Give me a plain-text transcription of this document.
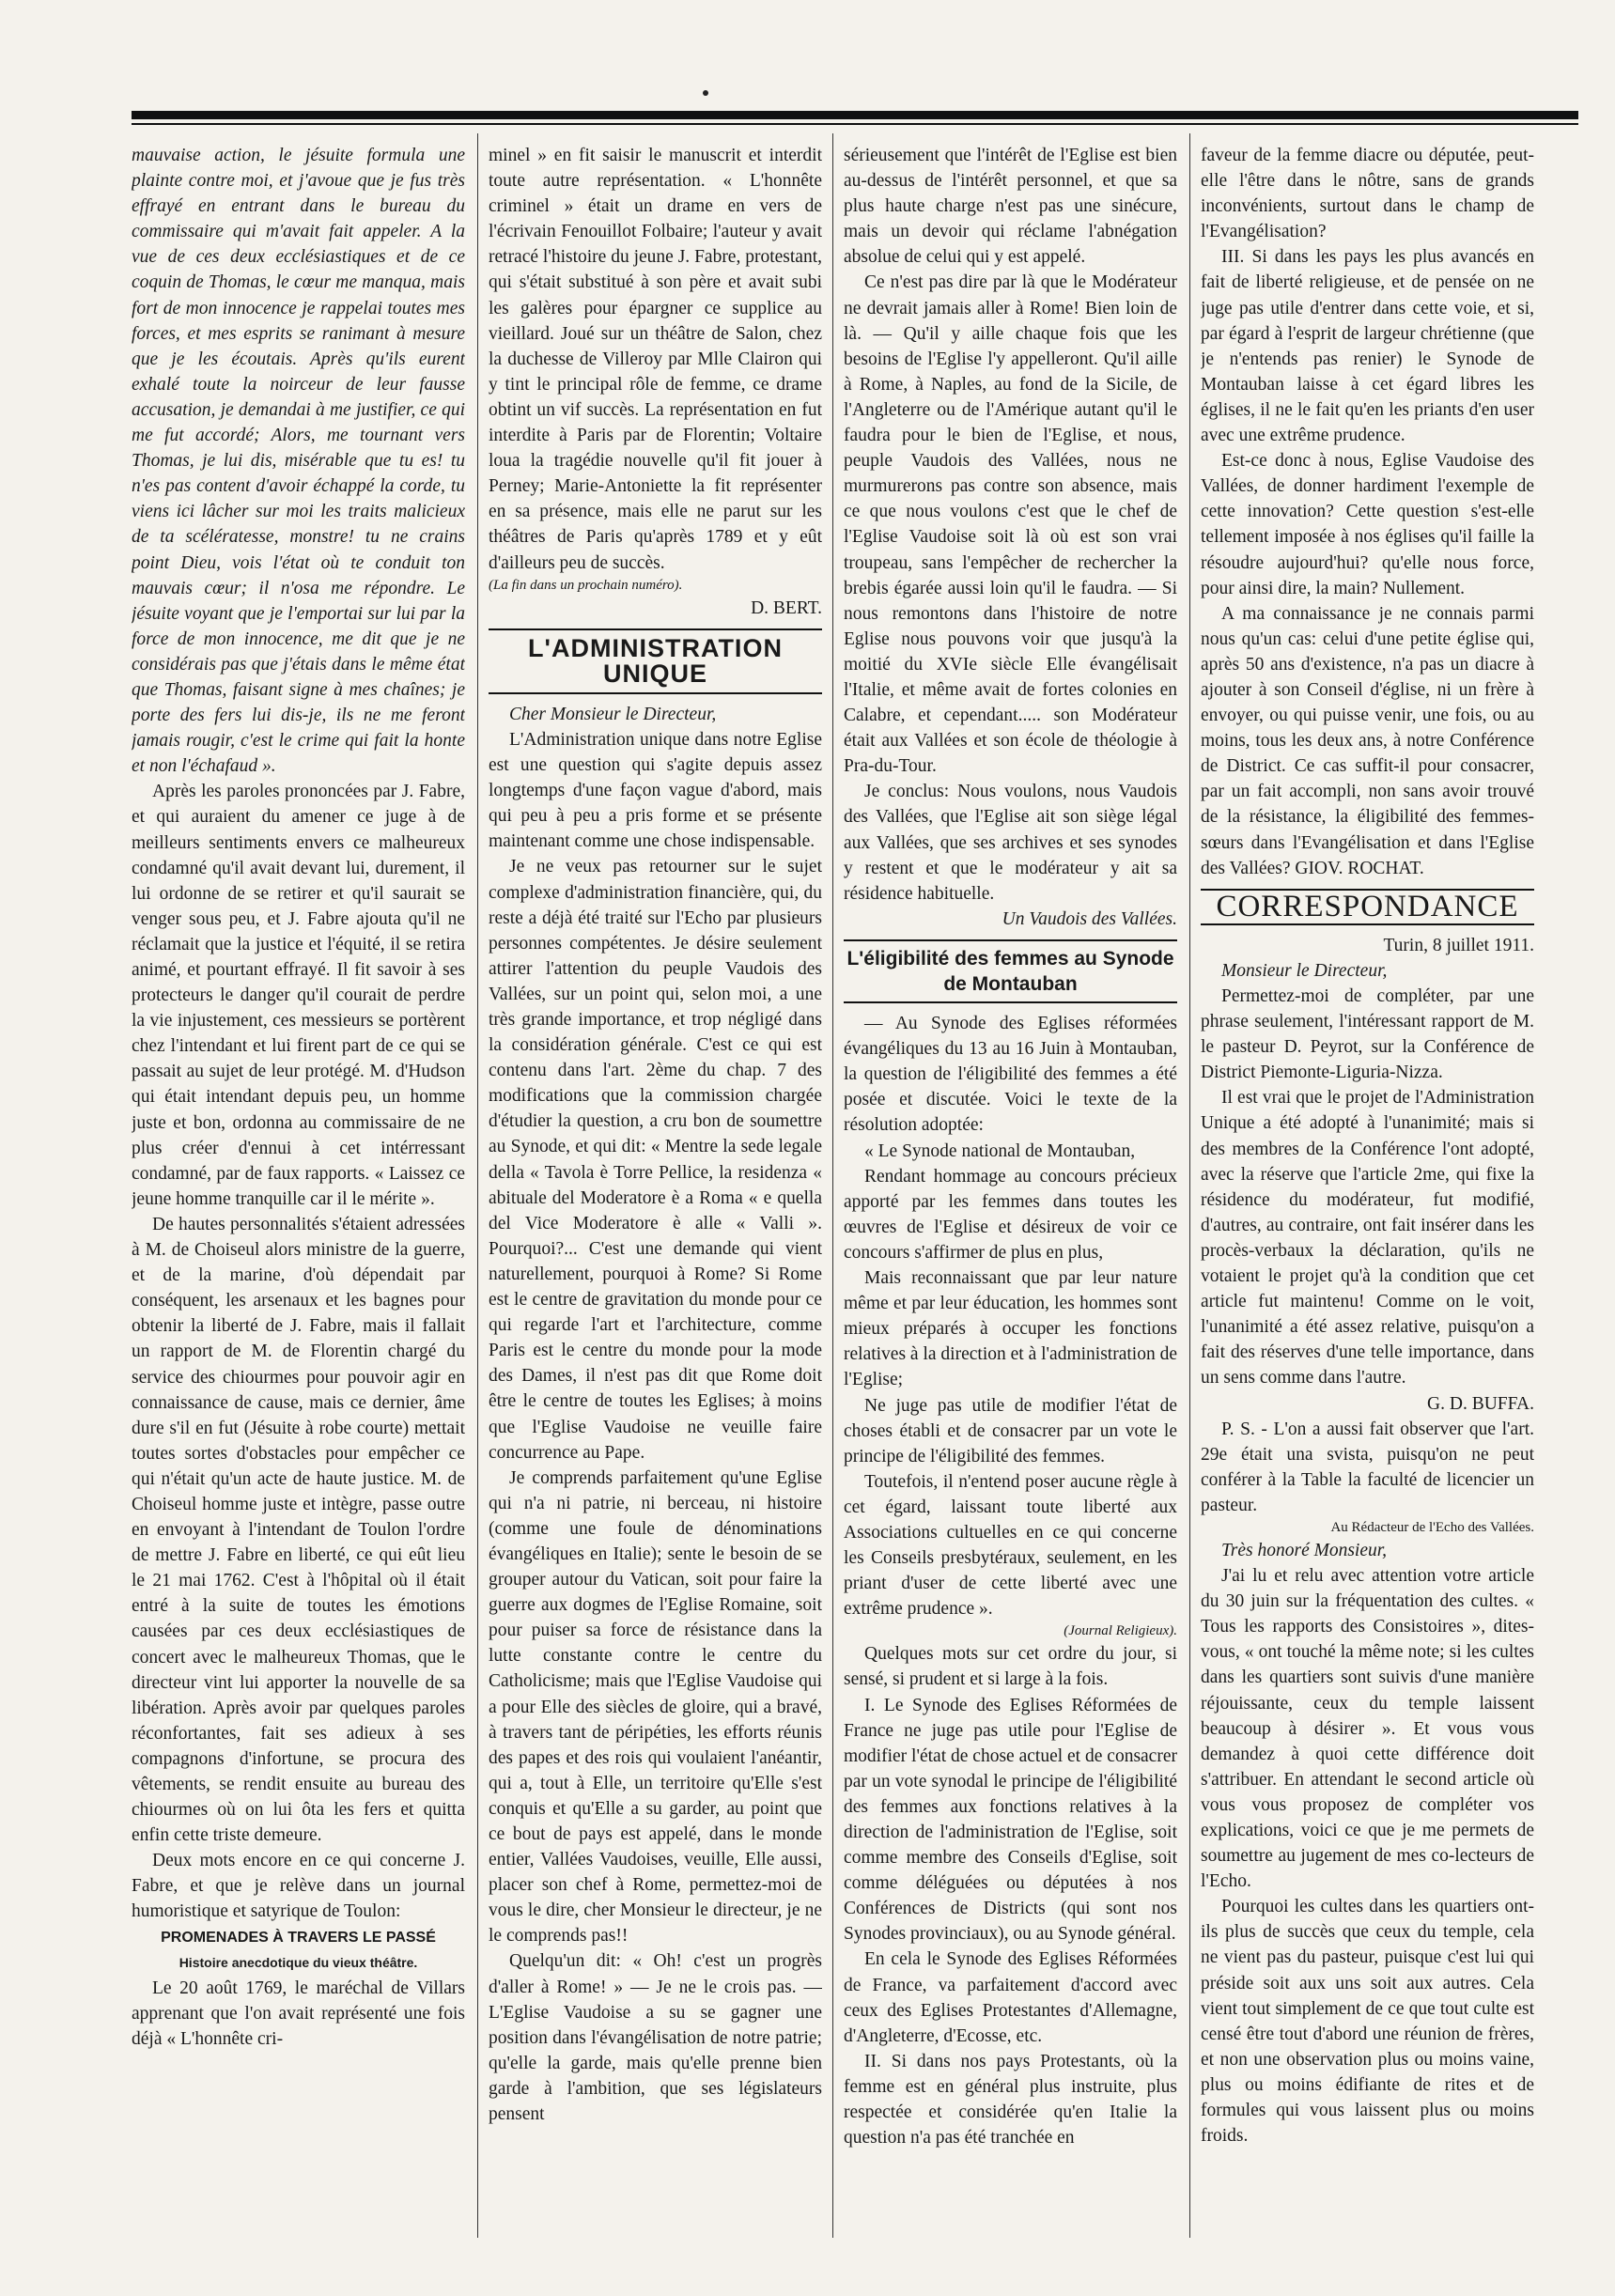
mauvaise action, le jésuite formula une plainte contre moi, et j'avoue que je fus très effrayé en entrant dans le bureau du commissaire qui m'avait fait appeler. A la vue de ces deux ecclésiastiques et de ce coquin de Thomas, le cœur me manqua, mais fort de mon innocence je rappelai toutes mes forces, et mes esprits se ranimant à mesure que je les écoutais. Après qu'ils eurent exhalé toute la noirceur de leur fausse accusation, je demandai à me justifier, ce qui me fut accordé; Alors, me tournant vers Thomas, je lui dis, misérable que tu es! tu n'es pas content d'avoir échappé la corde, tu viens ici lâcher sur moi les traits malicieux de ta scélératesse, monstre! tu ne crains point Dieu, vois l'état où te conduit ton mauvais cœur; il n'osa me répondre. Le jésuite voyant que je l'emportai sur lui par la force de mon innocence, me dit que je ne considérais pas que j'étais dans le même état que Thomas, faisant signe à mes chaînes; je porte des fers lui dis-je, ils ne me feront jamais rougir, c'est le crime qui fait la honte et non l'échafaud ».

Après les paroles prononcées par J. Fabre, et qui auraient du amener ce juge à de meilleurs sentiments envers ce malheureux condamné qu'il avait devant lui, durement, il lui ordonne de se retirer et qu'il saurait se venger sous peu, et J. Fabre ajouta qu'il ne réclamait que la justice et l'équité, il se retira animé, et pourtant effrayé. Il fit savoir à ses protecteurs le danger qu'il courait de perdre la vie injustement, ces messieurs se portèrent chez l'intendant et lui firent part de ce qui se passait au sujet de leur protégé. M. d'Hudson qui était intendant depuis peu, un homme juste et bon, ordonna au commissaire de ne plus créer d'ennui à cet intérressant condamné, par de faux rapports. « Laissez ce jeune homme tranquille car il le mérite ».

De hautes personnalités s'étaient adressées à M. de Choiseul alors ministre de la guerre, et de la marine, d'où dépendait par conséquent, les arsenaux et les bagnes pour obtenir la liberté de J. Fabre, mais il fallait un rapport de M. de Florentin chargé du service des chiourmes pour pouvoir agir en connaissance de cause, mais ce dernier, âme dure s'il en fut (Jésuite à robe courte) mettait toutes sortes d'obstacles pour empêcher ce qui n'était qu'un acte de haute justice. M. de Choiseul homme juste et intègre, passe outre en envoyant à l'intendant de Toulon l'ordre de mettre J. Fabre en liberté, ce qui eût lieu le 21 mai 1762. C'est à l'hôpital où il était entré à la suite de toutes les émotions causées par ces deux ecclésiastiques de concert avec le malheureux Thomas, que le directeur vint lui apporter la nouvelle de sa libération. Après avoir par quelques paroles réconfortantes, fait ses adieux à ses compagnons d'infortune, se procura des vêtements, se rendit ensuite au bureau des chiourmes où on lui ôta les fers et quitta enfin cette triste demeure.

Deux mots encore en ce qui concerne J. Fabre, et que je relève dans un journal humoristique et satyrique de Toulon:

PROMENADES À TRAVERS LE PASSÉ

Histoire anecdotique du vieux théâtre.

Le 20 août 1769, le maréchal de Villars apprenant que l'on avait représenté une fois déjà « L'honnête cri-

minel » en fit saisir le manuscrit et interdit toute autre représentation. « L'honnête criminel » était un drame en vers de l'écrivain Fenouillot Folbaire; l'auteur y avait retracé l'histoire du jeune J. Fabre, protestant, qui s'était substitué à son père et avait subi les galères pour épargner ce supplice au vieillard. Joué sur un théâtre de Salon, chez la duchesse de Villeroy par Mlle Clairon qui y tint le principal rôle de femme, ce drame obtint un vif succès. La représentation en fut interdite à Paris par de Florentin; Voltaire loua la tragédie nouvelle qu'il fit jouer à Perney; Marie-Antoniette la fit représenter en sa présence, mais elle ne parut sur les théâtres de Paris qu'après 1789 et y eût d'ailleurs peu de succès.

(La fin dans un prochain numéro).

D. BERT.

L'ADMINISTRATION UNIQUE

Cher Monsieur le Directeur,

L'Administration unique dans notre Eglise est une question qui s'agite depuis assez longtemps d'une façon vague d'abord, mais qui peu à peu a pris forme et se présente maintenant comme une chose indispensable.

Je ne veux pas retourner sur le sujet complexe d'administration financière, qui, du reste a déjà été traité sur l'Echo par plusieurs personnes compétentes. Je désire seulement attirer l'attention du peuple Vaudois des Vallées, sur un point qui, selon moi, a une très grande importance, et trop négligé dans la considération générale. C'est ce qui est contenu dans l'art. 2ème du chap. 7 des modifications que la commission chargée d'étudier la question, a cru bon de soumettre au Synode, et qui dit: « Mentre la sede legale della « Tavola è Torre Pellice, la residenza « abituale del Moderatore è a Roma « e quella del Vice Moderatore è alle « Valli ». Pourquoi?... C'est une demande qui vient naturellement, pourquoi à Rome? Si Rome est le centre de gravitation du monde pour ce qui regarde l'art et l'architecture, comme Paris est le centre du monde pour la mode des Dames, il n'est pas dit que Rome doit être le centre de toutes les Eglises; à moins que l'Eglise Vaudoise ne veuille faire concurrence au Pape.

Je comprends parfaitement qu'une Eglise qui n'a ni patrie, ni berceau, ni histoire (comme une foule de dénominations évangéliques en Italie); sente le besoin de se grouper autour du Vatican, soit pour faire la guerre aux dogmes de l'Eglise Romaine, soit pour puiser sa force de résistance dans la lutte constante contre le centre du Catholicisme; mais que l'Eglise Vaudoise qui a pour Elle des siècles de gloire, qui a bravé, à travers tant de péripéties, les efforts réunis des papes et des rois qui voulaient l'anéantir, qui a, tout à Elle, un territoire qu'Elle s'est conquis et qu'Elle a su garder, au point que ce bout de pays est appelé, dans le monde entier, Vallées Vaudoises, veuille, Elle aussi, placer son chef à Rome, permettez-moi de vous le dire, cher Monsieur le directeur, je ne le comprends pas!!

Quelqu'un dit: « Oh! c'est un progrès d'aller à Rome! » — Je ne le crois pas. — L'Eglise Vaudoise a su se gagner une position dans l'évangélisation de notre patrie; qu'elle la garde, mais qu'elle prenne bien garde à l'ambition, que ses législateurs pensent

sérieusement que l'intérêt de l'Eglise est bien au-dessus de l'intérêt personnel, et que sa plus haute charge n'est pas une sinécure, mais un devoir qui réclame l'abnégation absolue de celui qui y est appelé.

Ce n'est pas dire par là que le Modérateur ne devrait jamais aller à Rome! Bien loin de là. — Qu'il y aille chaque fois que les besoins de l'Eglise l'y appelleront. Qu'il aille à Rome, à Naples, au fond de la Sicile, de l'Angleterre ou de l'Amérique autant qu'il le faudra pour le bien de l'Eglise, et nous, peuple Vaudois des Vallées, nous ne murmurerons pas contre son absence, mais ce que nous voulons c'est que le chef de l'Eglise Vaudoise soit là où est son vrai troupeau, sans l'empêcher de rechercher la brebis égarée aussi loin qu'il le faudra. — Si nous remontons dans l'histoire de notre Eglise nous pouvons voir que jusqu'à la moitié du XVIe siècle Elle évangélisait l'Italie, et même avait de fortes colonies en Calabre, et cependant..... son Modérateur était aux Vallées et son école de théologie à Pra-du-Tour.

Je conclus: Nous voulons, nous Vaudois des Vallées, que l'Eglise ait son siège légal aux Vallées, que ses archives et ses synodes y restent et que le modérateur y ait sa résidence habituelle.

Un Vaudois des Vallées.

L'éligibilité des femmes au Synode de Montauban

— Au Synode des Eglises réformées évangéliques du 13 au 16 Juin à Montauban, la question de l'éligibilité des femmes a été posée et discutée. Voici le texte de la résolution adoptée:

« Le Synode national de Montauban,

Rendant hommage au concours précieux apporté par les femmes dans toutes les œuvres de l'Eglise et désireux de voir ce concours s'affirmer de plus en plus,

Mais reconnaissant que par leur nature même et par leur éducation, les hommes sont mieux préparés à occuper les fonctions relatives à la direction et à l'administration de l'Eglise;

Ne juge pas utile de modifier l'état de choses établi et de consacrer par un vote le principe de l'éligibilité des femmes.

Toutefois, il n'entend poser aucune règle à cet égard, laissant toute liberté aux Associations cultuelles en ce qui concerne les Conseils presbytéraux, seulement, en les priant d'user de cette liberté avec une extrême prudence ».

(Journal Religieux).

Quelques mots sur cet ordre du jour, si sensé, si prudent et si large à la fois.

I. Le Synode des Eglises Réformées de France ne juge pas utile pour l'Eglise de modifier l'état de chose actuel et de consacrer par un vote synodal le principe de l'éligibilité des femmes aux fonctions relatives à la direction de l'administration de l'Eglise, soit comme membre des Conseils d'Eglise, soit comme déléguées ou députées à nos Conférences de Districts (qui sont nos Synodes provinciaux), ou au Synode général.

En cela le Synode des Eglises Réformées de France, va parfaitement d'accord avec ceux des Eglises Protestantes d'Allemagne, d'Angleterre, d'Ecosse, etc.

II. Si dans nos pays Protestants, où la femme est en général plus instruite, plus respectée et considérée qu'en Italie la question n'a pas été tranchée en

faveur de la femme diacre ou députée, peut-elle l'être dans le nôtre, sans de grands inconvénients, surtout dans le champ de l'Evangélisation?

III. Si dans les pays les plus avancés en fait de liberté religieuse, et de pensée on ne juge pas utile d'entrer dans cette voie, et si, par égard à l'esprit de largeur chrétienne (que je n'entends pas renier) le Synode de Montauban laisse à cet égard libres les églises, il ne le fait qu'en les priants d'en user avec une extrême prudence.

Est-ce donc à nous, Eglise Vaudoise des Vallées, de donner hardiment l'exemple de cette innovation? Cette question s'est-elle tellement imposée à nos églises qu'il faille la résoudre aujourd'hui? qu'elle nous force, pour ainsi dire, la main? Nullement.

A ma connaissance je ne connais parmi nous qu'un cas: celui d'une petite église qui, après 50 ans d'existence, n'a pas un diacre à ajouter à son Conseil d'église, ni un frère à envoyer, ou qui puisse venir, une fois, ou au moins, tous les deux ans, à notre Conférence de District. Ce cas suffit-il pour consacrer, par un fait accompli, non sans avoir trouvé de la résistance, la éligibilité des femmes-sœurs dans l'Evangélisation et dans l'Eglise des Vallées? GIOV. ROCHAT.

CORRESPONDANCE

Turin, 8 juillet 1911.

Monsieur le Directeur,

Permettez-moi de compléter, par une phrase seulement, l'intéressant rapport de M. le pasteur D. Peyrot, sur la Conférence de District Piemonte-Liguria-Nizza.

Il est vrai que le projet de l'Administration Unique a été adopté à l'unanimité; mais si des membres de la Conférence l'ont adopté, avec la réserve que l'article 2me, qui fixe la résidence du modérateur, fut modifié, d'autres, au contraire, ont fait insérer dans les procès-verbaux la déclaration, qu'ils ne votaient le projet qu'à la condition que cet article fut maintenu! Comme on le voit, l'unanimité a été assez relative, puisqu'on a fait des réserves d'une telle importance, dans un sens comme dans l'autre.

G. D. BUFFA.

P. S. - L'on a aussi fait observer que l'art. 29e était una svista, puisqu'on ne peut conférer à la Table la faculté de licencier un pasteur.

Au Rédacteur de l'Echo des Vallées.

Très honoré Monsieur,

J'ai lu et relu avec attention votre article du 30 juin sur la fréquentation des cultes. « Tous les rapports des Consistoires », dites-vous, « ont touché la même note; si les cultes dans les quartiers sont suivis d'une manière réjouissante, ceux du temple laissent beaucoup à désirer ». Et vous vous demandez à quoi cette différence doit s'attribuer. En attendant le second article où vous vous proposez de compléter vos explications, voici ce que je me permets de soumettre au jugement de mes co-lecteurs de l'Echo.

Pourquoi les cultes dans les quartiers ont-ils plus de succès que ceux du temple, cela ne vient pas du pasteur, puisque c'est lui qui préside soit aux uns soit aux autres. Cela vient tout simplement de ce que tout culte est censé être tout d'abord une réunion de frères, et non une observation plus ou moins vaine, plus ou moins édifiante de rites et de formules qui vous laissent plus ou moins froids.
